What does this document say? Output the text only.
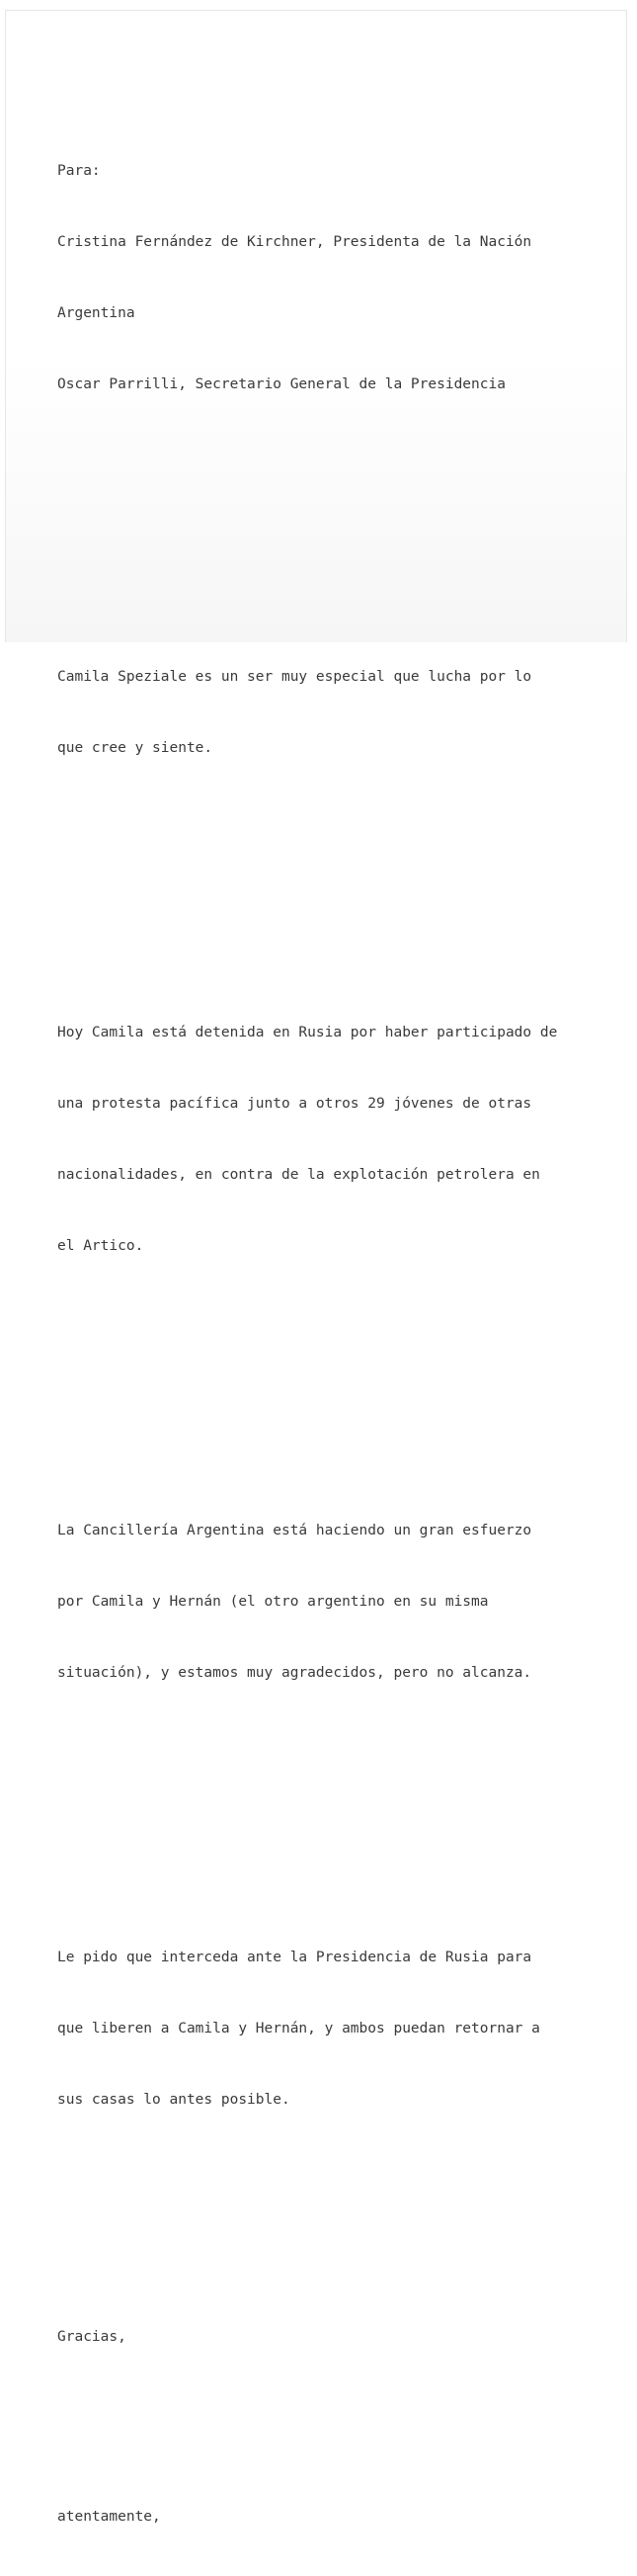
Para:

Cristina Fernández de Kirchner, Presidenta de la Nación

Argentina

Oscar Parrilli, Secretario General de la Presidencia

Camila Speziale es un ser muy especial que lucha por lo

que cree y siente.

Hoy Camila está detenida en Rusia por haber participado de

una protesta pacífica junto a otros 29 jóvenes de otras

nacionalidades, en contra de la explotación petrolera en

el Artico.

La Cancillería Argentina está haciendo un gran esfuerzo

por Camila y Hernán (el otro argentino en su misma

situación), y estamos muy agradecidos, pero no alcanza.

Le pido que interceda ante la Presidencia de Rusia para

que liberen a Camila y Hernán, y ambos puedan retornar a

sus casas lo antes posible.

Gracias,

atentamente,
